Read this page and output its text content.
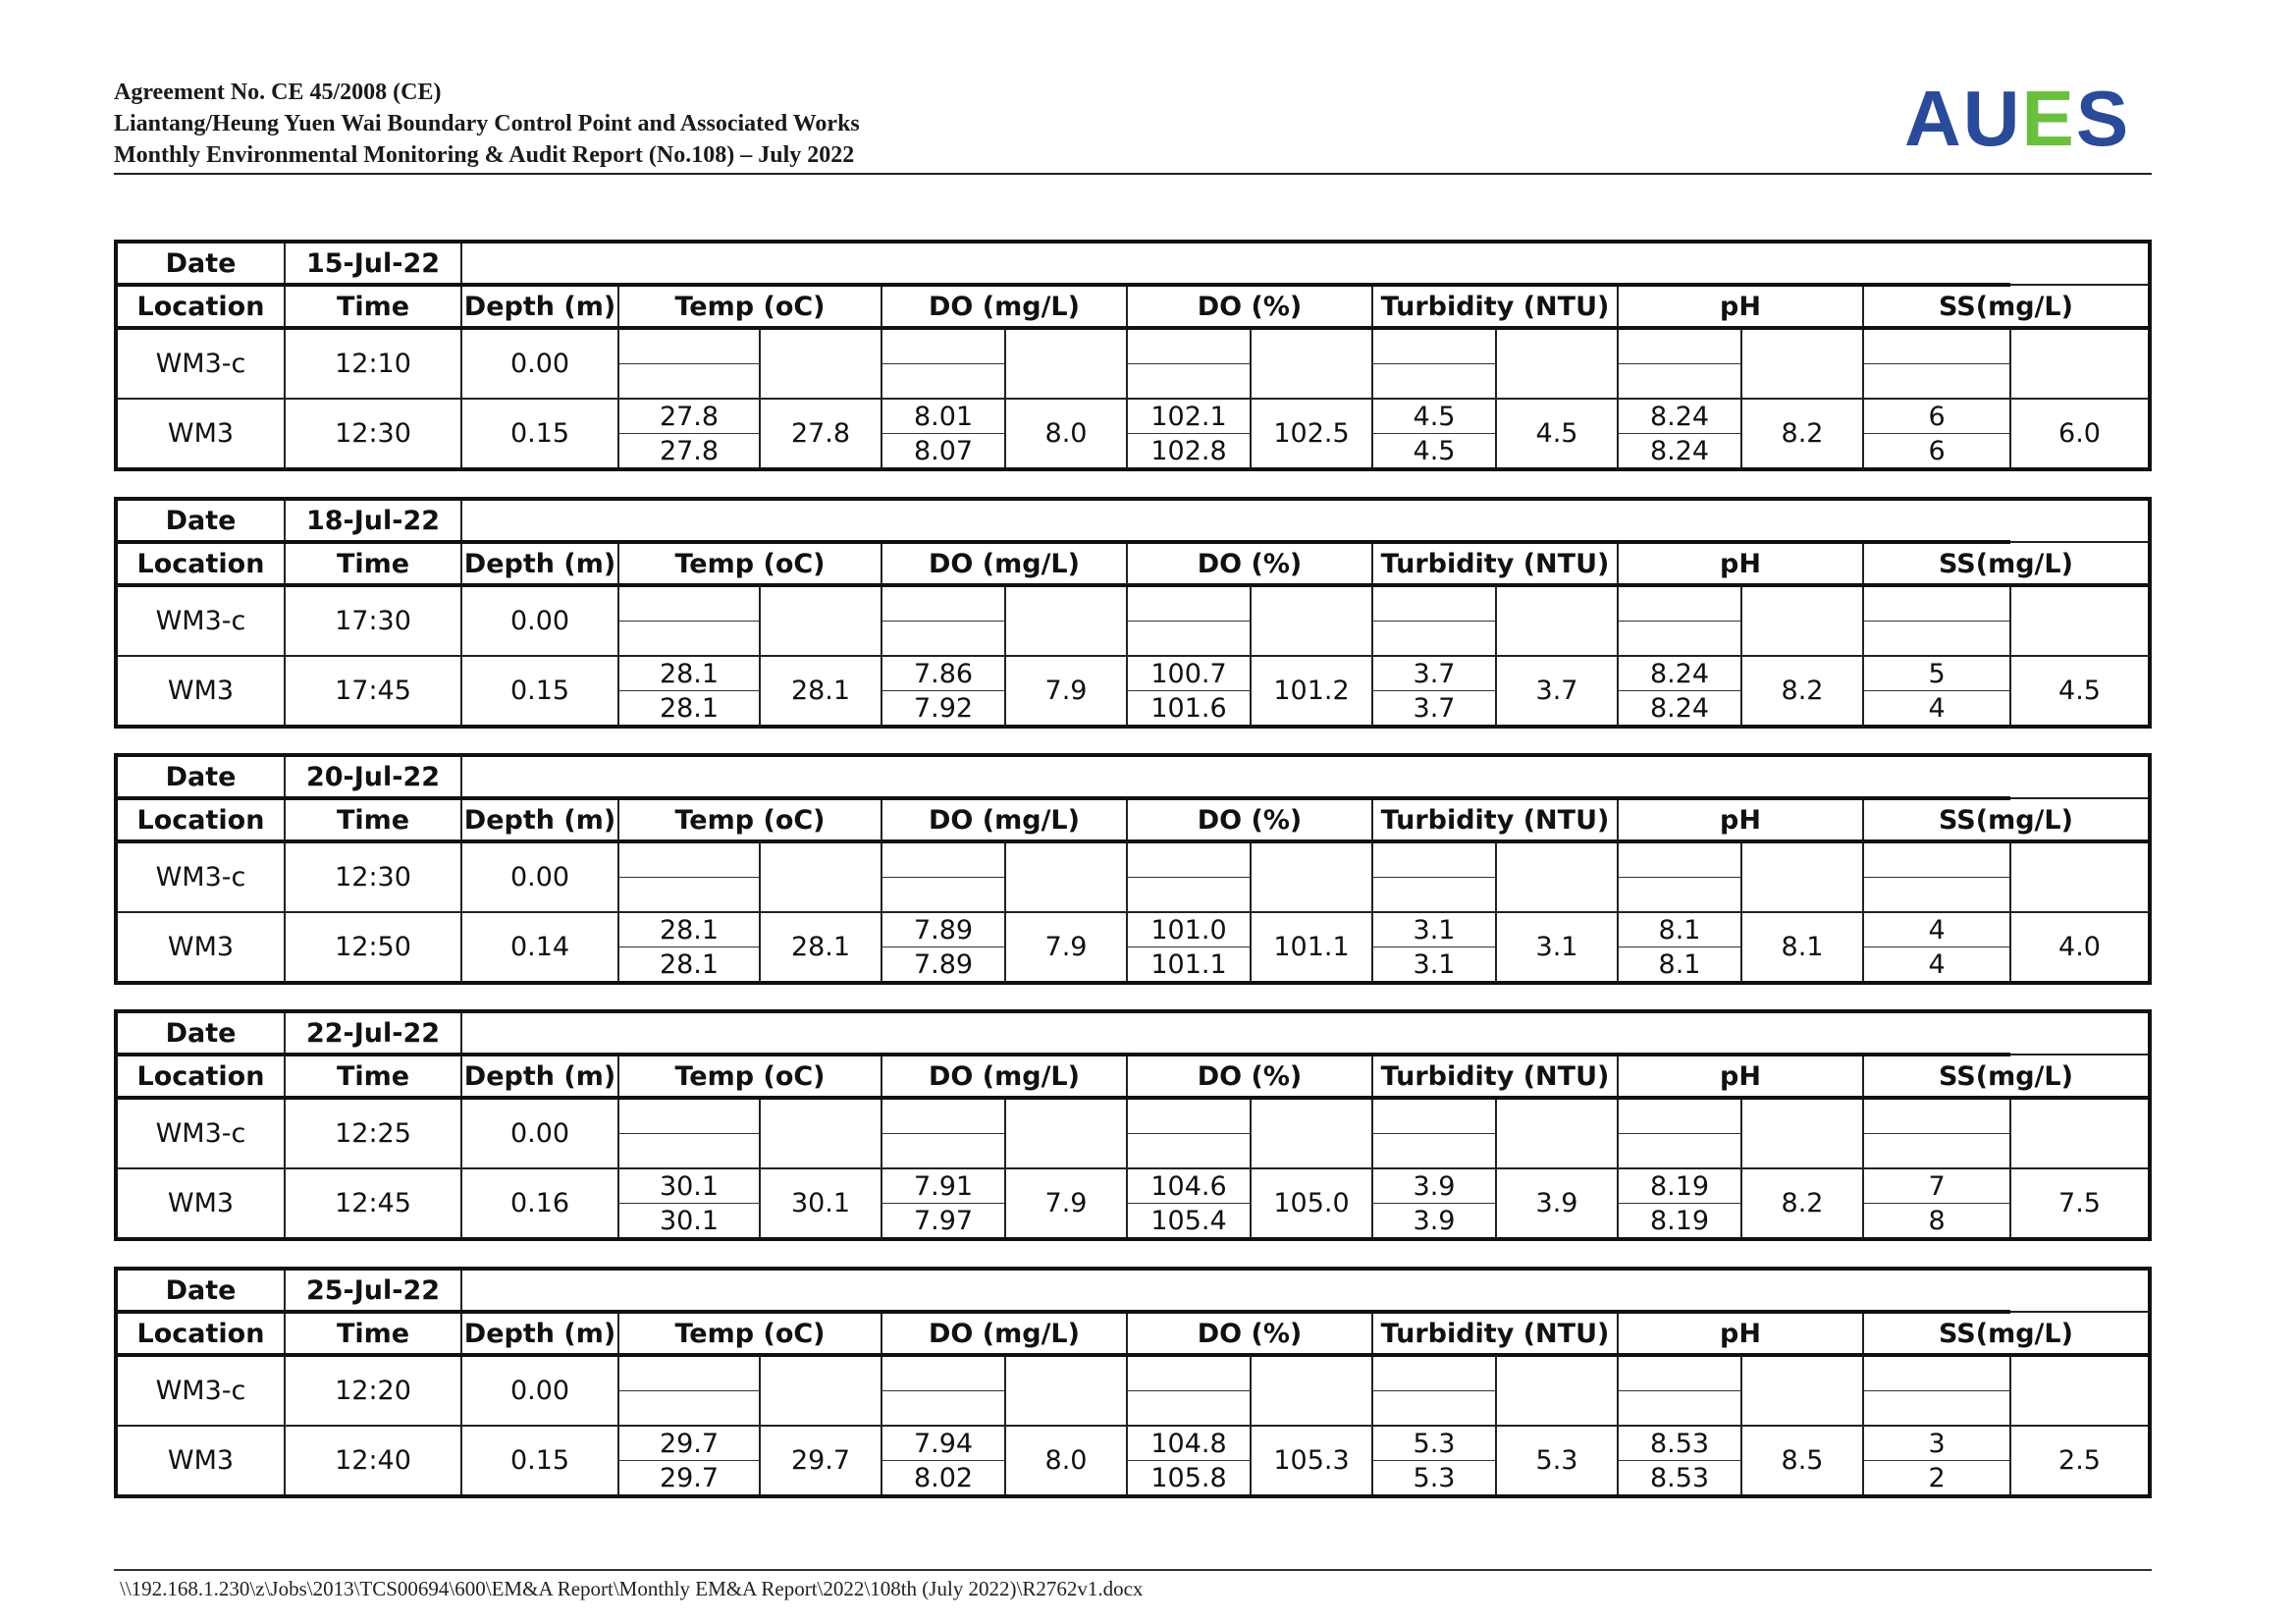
Agreement No. CE 45/2008 (CE)
Liantang/Heung Yuen Wai Boundary Control Point and Associated Works
Monthly Environmental Monitoring & Audit Report (No.108) – July 2022	AUES
Date	15-Jul-22													
Location	Time	Depth (m)	Temp (oC)		DO (mg/L)		DO (%)		Turbidity (NTU)		pH		SS(mg/L)	
WM3-c	12:10	0.00												

WM3	12:30	0.15	27.8	27.8	8.01	8.0	102.1	102.5	4.5	4.5	8.24	8.2	6	6.0
			27.8		8.07		102.8		4.5		8.24		6	
Date	18-Jul-22													
Location	Time	Depth (m)	Temp (oC)		DO (mg/L)		DO (%)		Turbidity (NTU)		pH		SS(mg/L)	
WM3-c	17:30	0.00												

WM3	17:45	0.15	28.1	28.1	7.86	7.9	100.7	101.2	3.7	3.7	8.24	8.2	5	4.5
			28.1		7.92		101.6		3.7		8.24		4	
Date	20-Jul-22													
Location	Time	Depth (m)	Temp (oC)		DO (mg/L)		DO (%)		Turbidity (NTU)		pH		SS(mg/L)	
WM3-c	12:30	0.00												

WM3	12:50	0.14	28.1	28.1	7.89	7.9	101.0	101.1	3.1	3.1	8.1	8.1	4	4.0
			28.1		7.89		101.1		3.1		8.1		4	
Date	22-Jul-22													
Location	Time	Depth (m)	Temp (oC)		DO (mg/L)		DO (%)		Turbidity (NTU)		pH		SS(mg/L)	
WM3-c	12:25	0.00												

WM3	12:45	0.16	30.1	30.1	7.91	7.9	104.6	105.0	3.9	3.9	8.19	8.2	7	7.5
			30.1		7.97		105.4		3.9		8.19		8	
Date	25-Jul-22													
Location	Time	Depth (m)	Temp (oC)		DO (mg/L)		DO (%)		Turbidity (NTU)		pH		SS(mg/L)	
WM3-c	12:20	0.00												

WM3	12:40	0.15	29.7	29.7	7.94	8.0	104.8	105.3	5.3	5.3	8.53	8.5	3	2.5
			29.7		8.02		105.8		5.3		8.53		2	
\\192.168.1.230\z\Jobs\2013\TCS00694\600\EM&A Report\Monthly EM&A Report\2022\108th (July 2022)\R2762v1.docx
